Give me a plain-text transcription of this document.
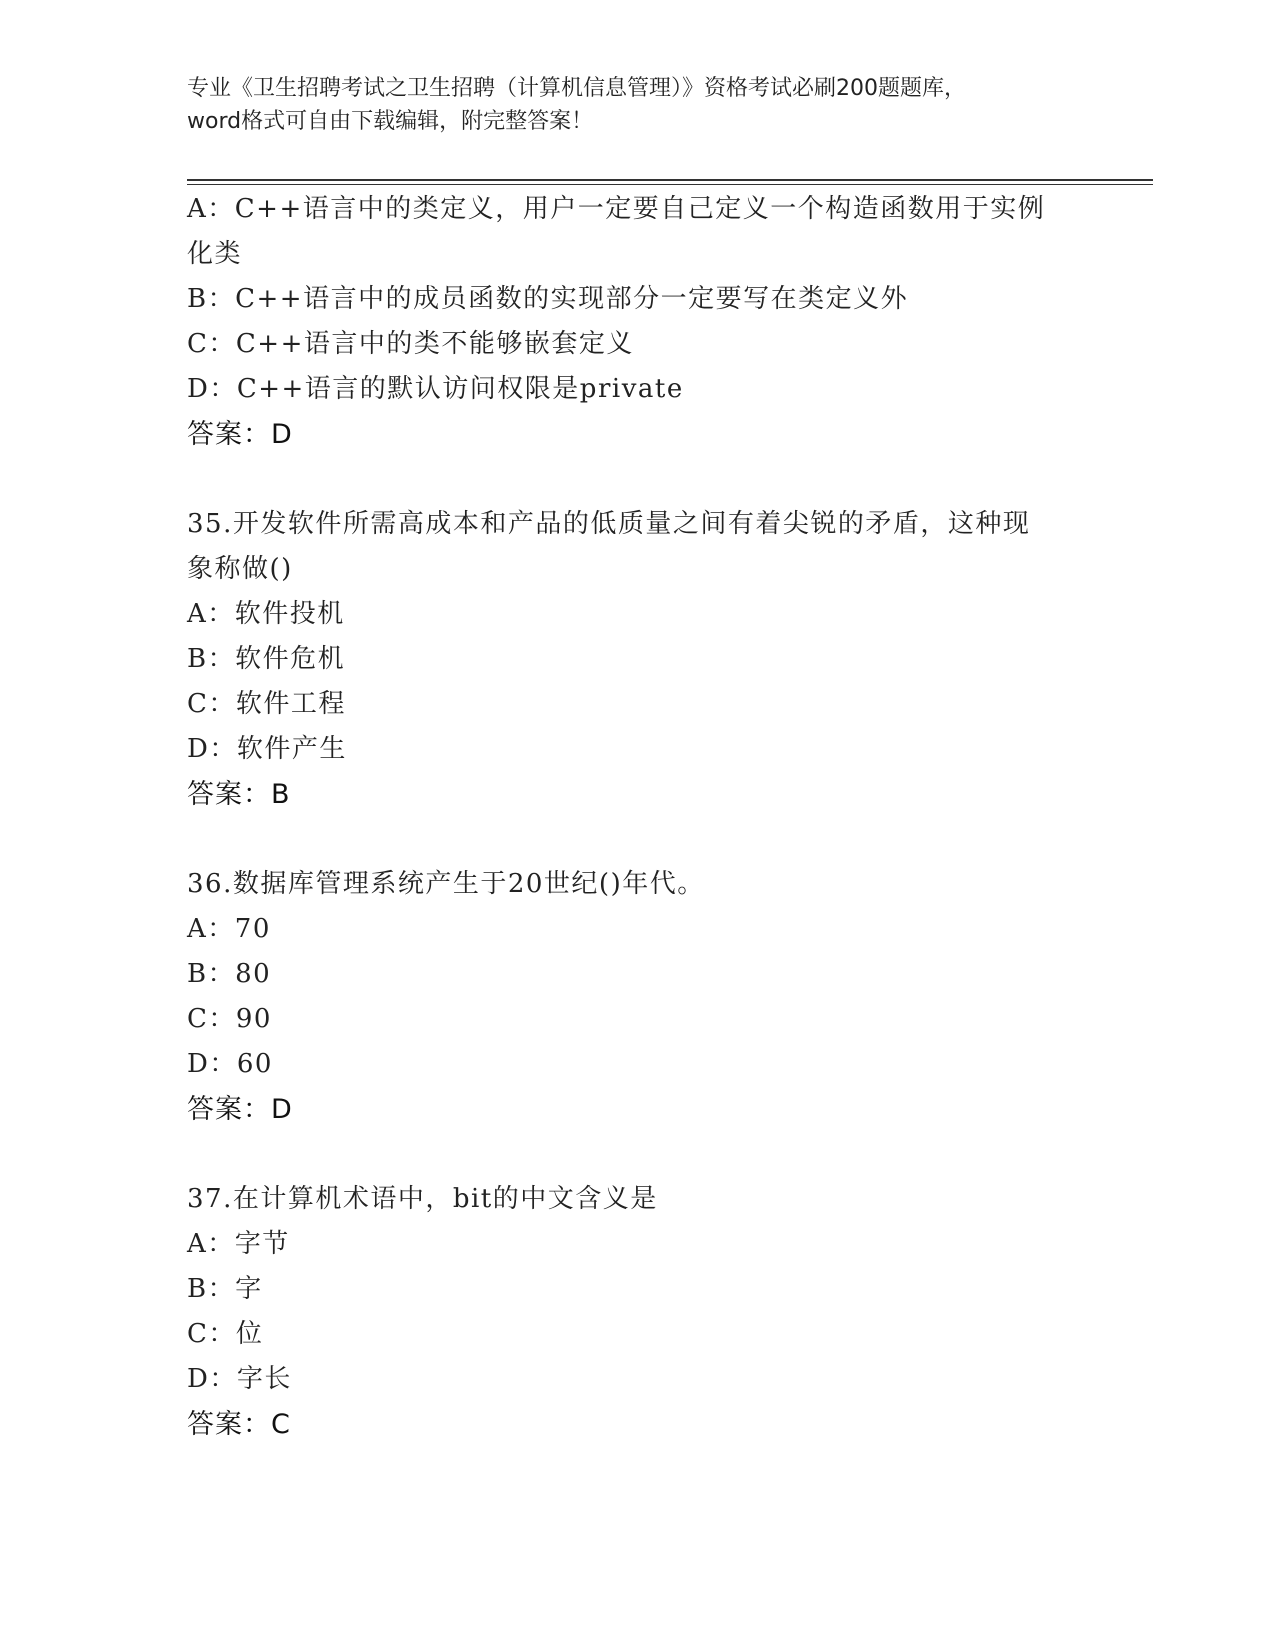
专业《卫生招聘考试之卫生招聘（计算机信息管理）》资格考试必刷200题题库，
word格式可自由下载编辑，附完整答案！
A：C++语言中的类定义，用户一定要自己定义一个构造函数用于实例
化类
B：C++语言中的成员函数的实现部分一定要写在类定义外
C：C++语言中的类不能够嵌套定义
D：C++语言的默认访问权限是private
答案：D
35.开发软件所需高成本和产品的低质量之间有着尖锐的矛盾，这种现
象称做()
A：软件投机
B：软件危机
C：软件工程
D：软件产生
答案：B
36.数据库管理系统产生于20世纪()年代。
A：70
B：80
C：90
D：60
答案：D
37.在计算机术语中，bit的中文含义是
A：字节
B：字
C：位
D：字长
答案：C
